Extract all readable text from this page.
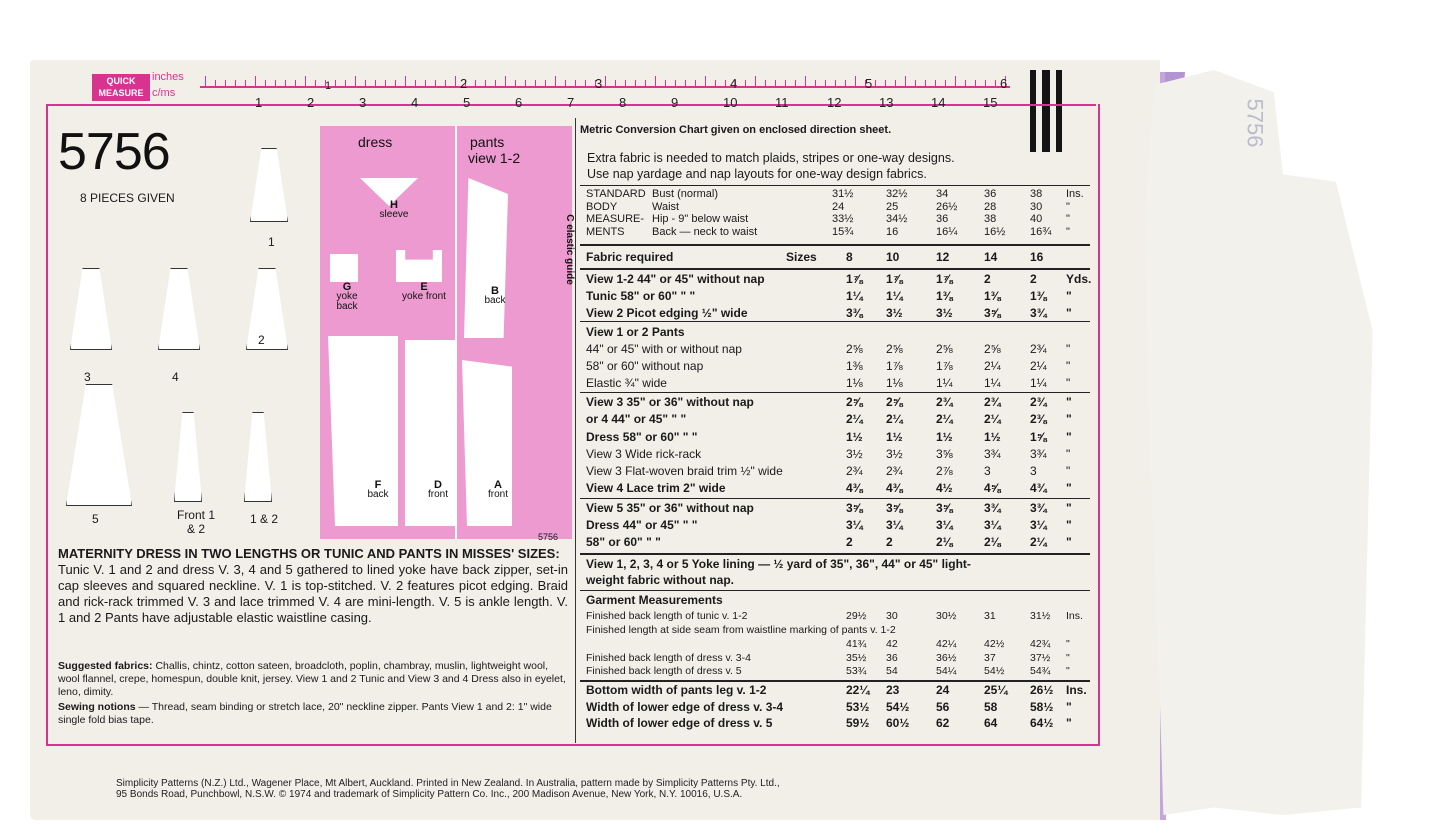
5756
QUICK
MEASURE
inches
c/ms
1	2	3	4	5	6
1	2	3	4	5	6	7	8	9	10	11	12	13	14	15
5756
8 PIECES GIVEN
1
3	4
2
5	Front 1 & 2
1 & 2
dress	pants
view 1-2
H
sleeve
G
yoke back
E
yoke front	B
back
F
back
D
front
A
front
C elastic guide
5756
MATERNITY DRESS IN TWO LENGTHS OR TUNIC AND PANTS IN MISSES' SIZES:
Tunic V. 1 and 2 and dress V. 3, 4 and 5 gathered to lined yoke have back zipper, set-in cap sleeves and squared neckline. V. 1 is top-stitched. V. 2 features picot edging. Braid and rick-rack trimmed V. 3 and lace trimmed V. 4 are mini-length. V. 5 is ankle length. V. 1 and 2 Pants have adjustable elastic waistline casing.
Suggested fabrics: Challis, chintz, cotton sateen, broadcloth, poplin, chambray, muslin, lightweight wool, wool flannel, crepe, homespun, double knit, jersey. View 1 and 2 Tunic and View 3 and 4 Dress also in eyelet, leno, dimity.
Sewing notions — Thread, seam binding or stretch lace, 20" neckline zipper. Pants View 1 and 2: 1" wide single fold bias tape.
Metric Conversion Chart given on enclosed direction sheet.
Extra fabric is needed to match plaids, stripes or one-way designs.
Use nap yardage and nap layouts for one-way design fabrics.
STANDARD Bust (normal)	31½	32½	34	36	38	Ins.
BODY	Waist	24	25	26½	28	30	"
MEASURE- Hip - 9" below waist	33½	34½	36	38	40	"
MENTS	Back — neck to waist	15¾	16	16¼	16½	16¾	"
Fabric required	Sizes 8	10	12	14	16
View 1-2 44" or 45" without nap	1⅞	1⅞	1⅞	2	2	Yds.
Tunic 58" or 60" " "	1¼	1¼	1⅜	1⅜	1⅜	"
View 2 Picot edging ½" wide	3⅜	3½	3½	3⅝	3¾	"
View 1 or 2 Pants
44" or 45" with or without nap	2⅝	2⅝	2⅝	2⅝	2¾	"
58" or 60" without nap	1⅜	1⅞	1⅞	2¼	2¼	"
Elastic ¾" wide	1⅛	1⅛	1¼	1¼	1¼	"
View 3 35" or 36" without nap	2⅝	2⅝	2¾	2¾	2¾	"
or 4 44" or 45" " "	2¼	2¼	2¼	2¼	2⅜	"
Dress 58" or 60" " "	1½	1½	1½	1½	1⅝	"
View 3 Wide rick-rack	3½	3½	3⅝	3¾	3¾	"
View 3 Flat-woven braid trim ½" wide	2¾	2¾	2⅞	3	3	"
View 4 Lace trim 2" wide	4⅜	4⅜	4½	4⅝	4¾	"
View 5 35" or 36" without nap	3⅝	3⅝	3⅝	3¾	3¾	"
Dress 44" or 45" " "	3¼	3¼	3¼	3¼	3¼	"
58" or 60" " "	2	2	2⅛	2⅛	2¼	"
View 1, 2, 3, 4 or 5 Yoke lining — ½ yard of 35", 36", 44" or 45" light-
weight fabric without nap.
Garment Measurements
Finished back length of tunic v. 1-2	29½	30	30½	31	31½	Ins.
Finished length at side seam from waistline marking of pants v. 1-2
41¾	42	42¼	42½	42¾	"
Finished back length of dress v. 3-4	35½	36	36½	37	37½	"
Finished back length of dress v. 5	53¾	54	54¼	54½	54¾	"
Bottom width of pants leg v. 1-2	22¼	23	24	25¼	26½	Ins.
Width of lower edge of dress v. 3-4	53½	54½	56	58	58½	"
Width of lower edge of dress v. 5	59½	60½	62	64	64½	"
Simplicity Patterns (N.Z.) Ltd., Wagener Place, Mt Albert, Auckland. Printed in New Zealand. In Australia, pattern made by Simplicity Patterns Pty. Ltd.,
95 Bonds Road, Punchbowl, N.S.W. © 1974 and trademark of Simplicity Pattern Co. Inc., 200 Madison Avenue, New York, N.Y. 10016, U.S.A.
